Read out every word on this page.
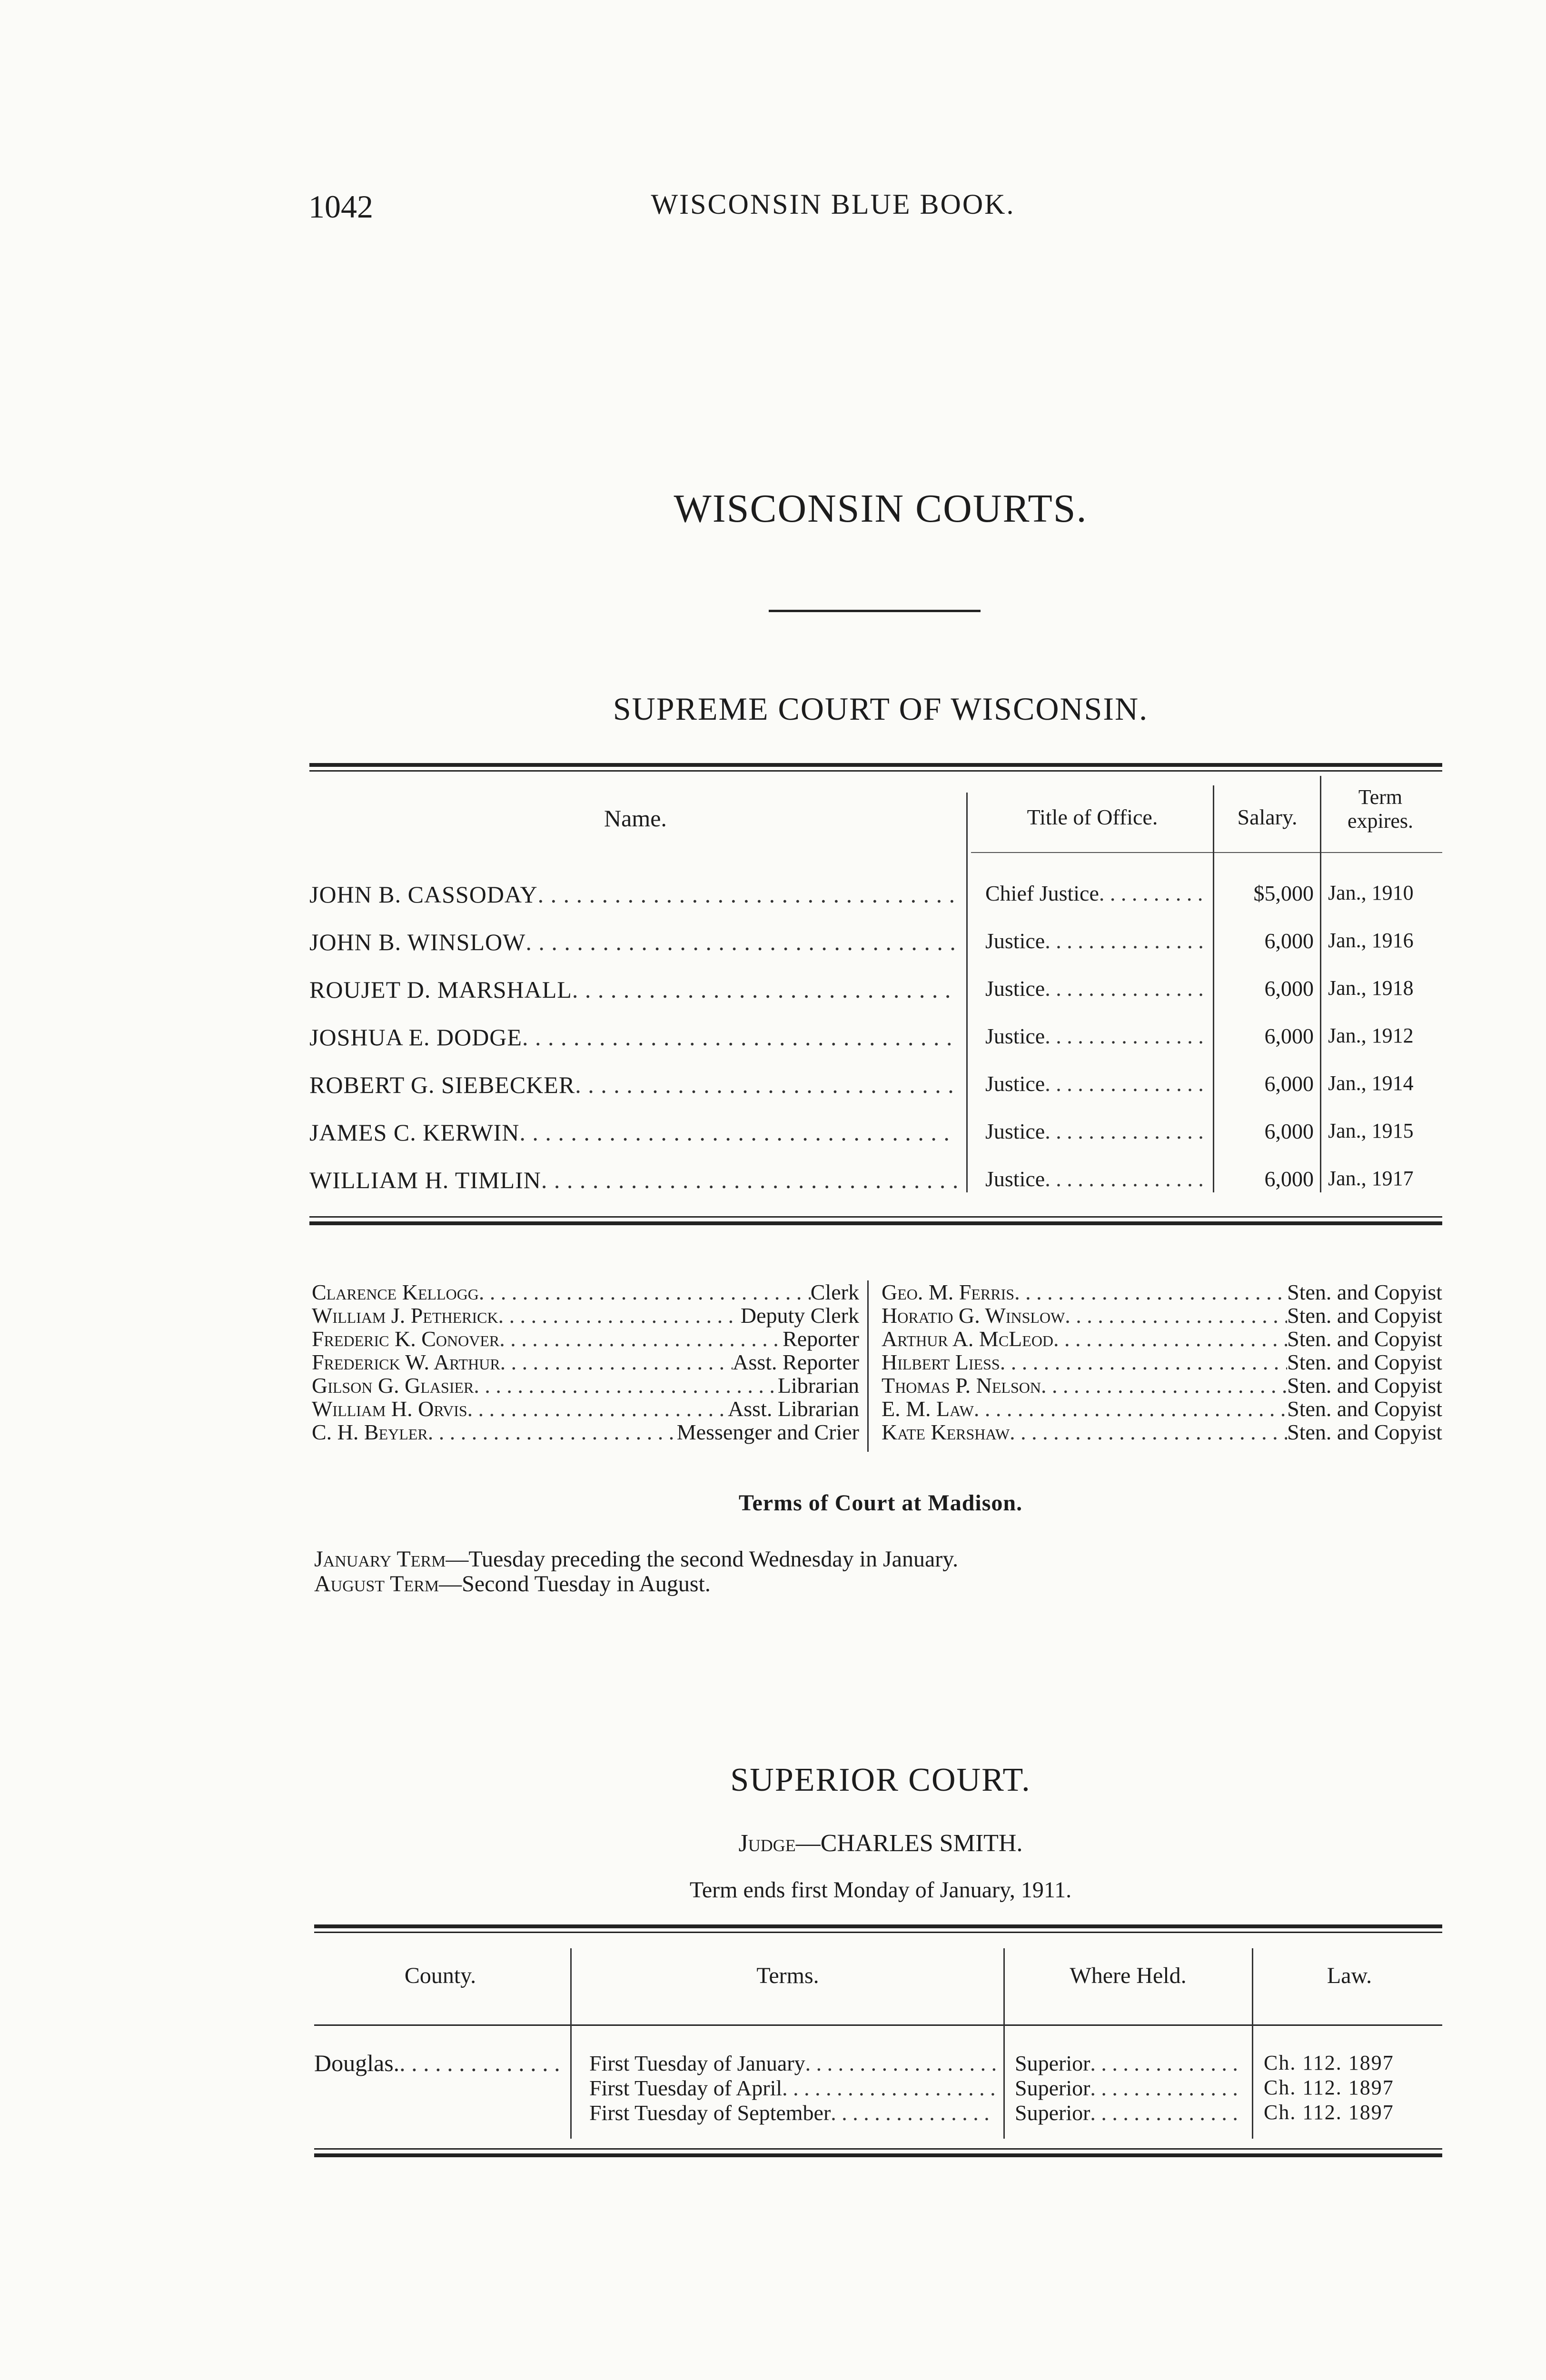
1042	WISCONSIN BLUE BOOK.
WISCONSIN COURTS.
SUPREME COURT OF WISCONSIN.
Name.	Title of Office.	Salary.
Term expires.
JOHN B. CASSODAY . . .	Chief Justice . . .	$5,000 Jan., 1910
JOHN B. WINSLOW . . .	Justice . . .	6,000 Jan., 1916
ROUJET D. MARSHALL . . .	Justice . . .	6,000 Jan., 1918
JOSHUA E. DODGE . . .	Justice . . .	6,000 Jan., 1912
ROBERT G. SIEBECKER . . .	Justice . . .	6,000 Jan., 1914
JAMES C. KERWIN . . .	Justice . . .	6,000 Jan., 1915
WILLIAM H. TIMLIN . . .	Justice . . .	6,000 Jan., 1917
Clarence Kellogg . . .	Clerk
William J. Petherick . . .	Deputy Clerk
Frederic K. Conover . . .	Reporter
Frederick W. Arthur . . .	Asst. Reporter
Gilson G. Glasier . . .	Librarian
William H. Orvis . . .	Asst. Librarian
C. H. Beyler . . .	Messenger and Crier
Geo. M. Ferris . . .	Sten. and Copyist
Horatio G. Winslow . . .	Sten. and Copyist
Arthur A. McLeod . . .	Sten. and Copyist
Hilbert Liess . . .	Sten. and Copyist
Thomas P. Nelson . . .	Sten. and Copyist
E. M. Law . . .	Sten. and Copyist
Kate Kershaw . . .	Sten. and Copyist
Terms of Court at Madison.
January Term—Tuesday preceding the second Wednesday in January.
August Term—Second Tuesday in August.
SUPERIOR COURT.
Judge—CHARLES SMITH.
Term ends first Monday of January, 1911.
County.	Terms.	Where Held.	Law.
Douglas. . . .	First Tuesday of January . . .	Superior . . .	Ch. 112. 1897
First Tuesday of April . . .	Superior . . .	Ch. 112. 1897
First Tuesday of September . . .	Superior . . .	Ch. 112. 1897
